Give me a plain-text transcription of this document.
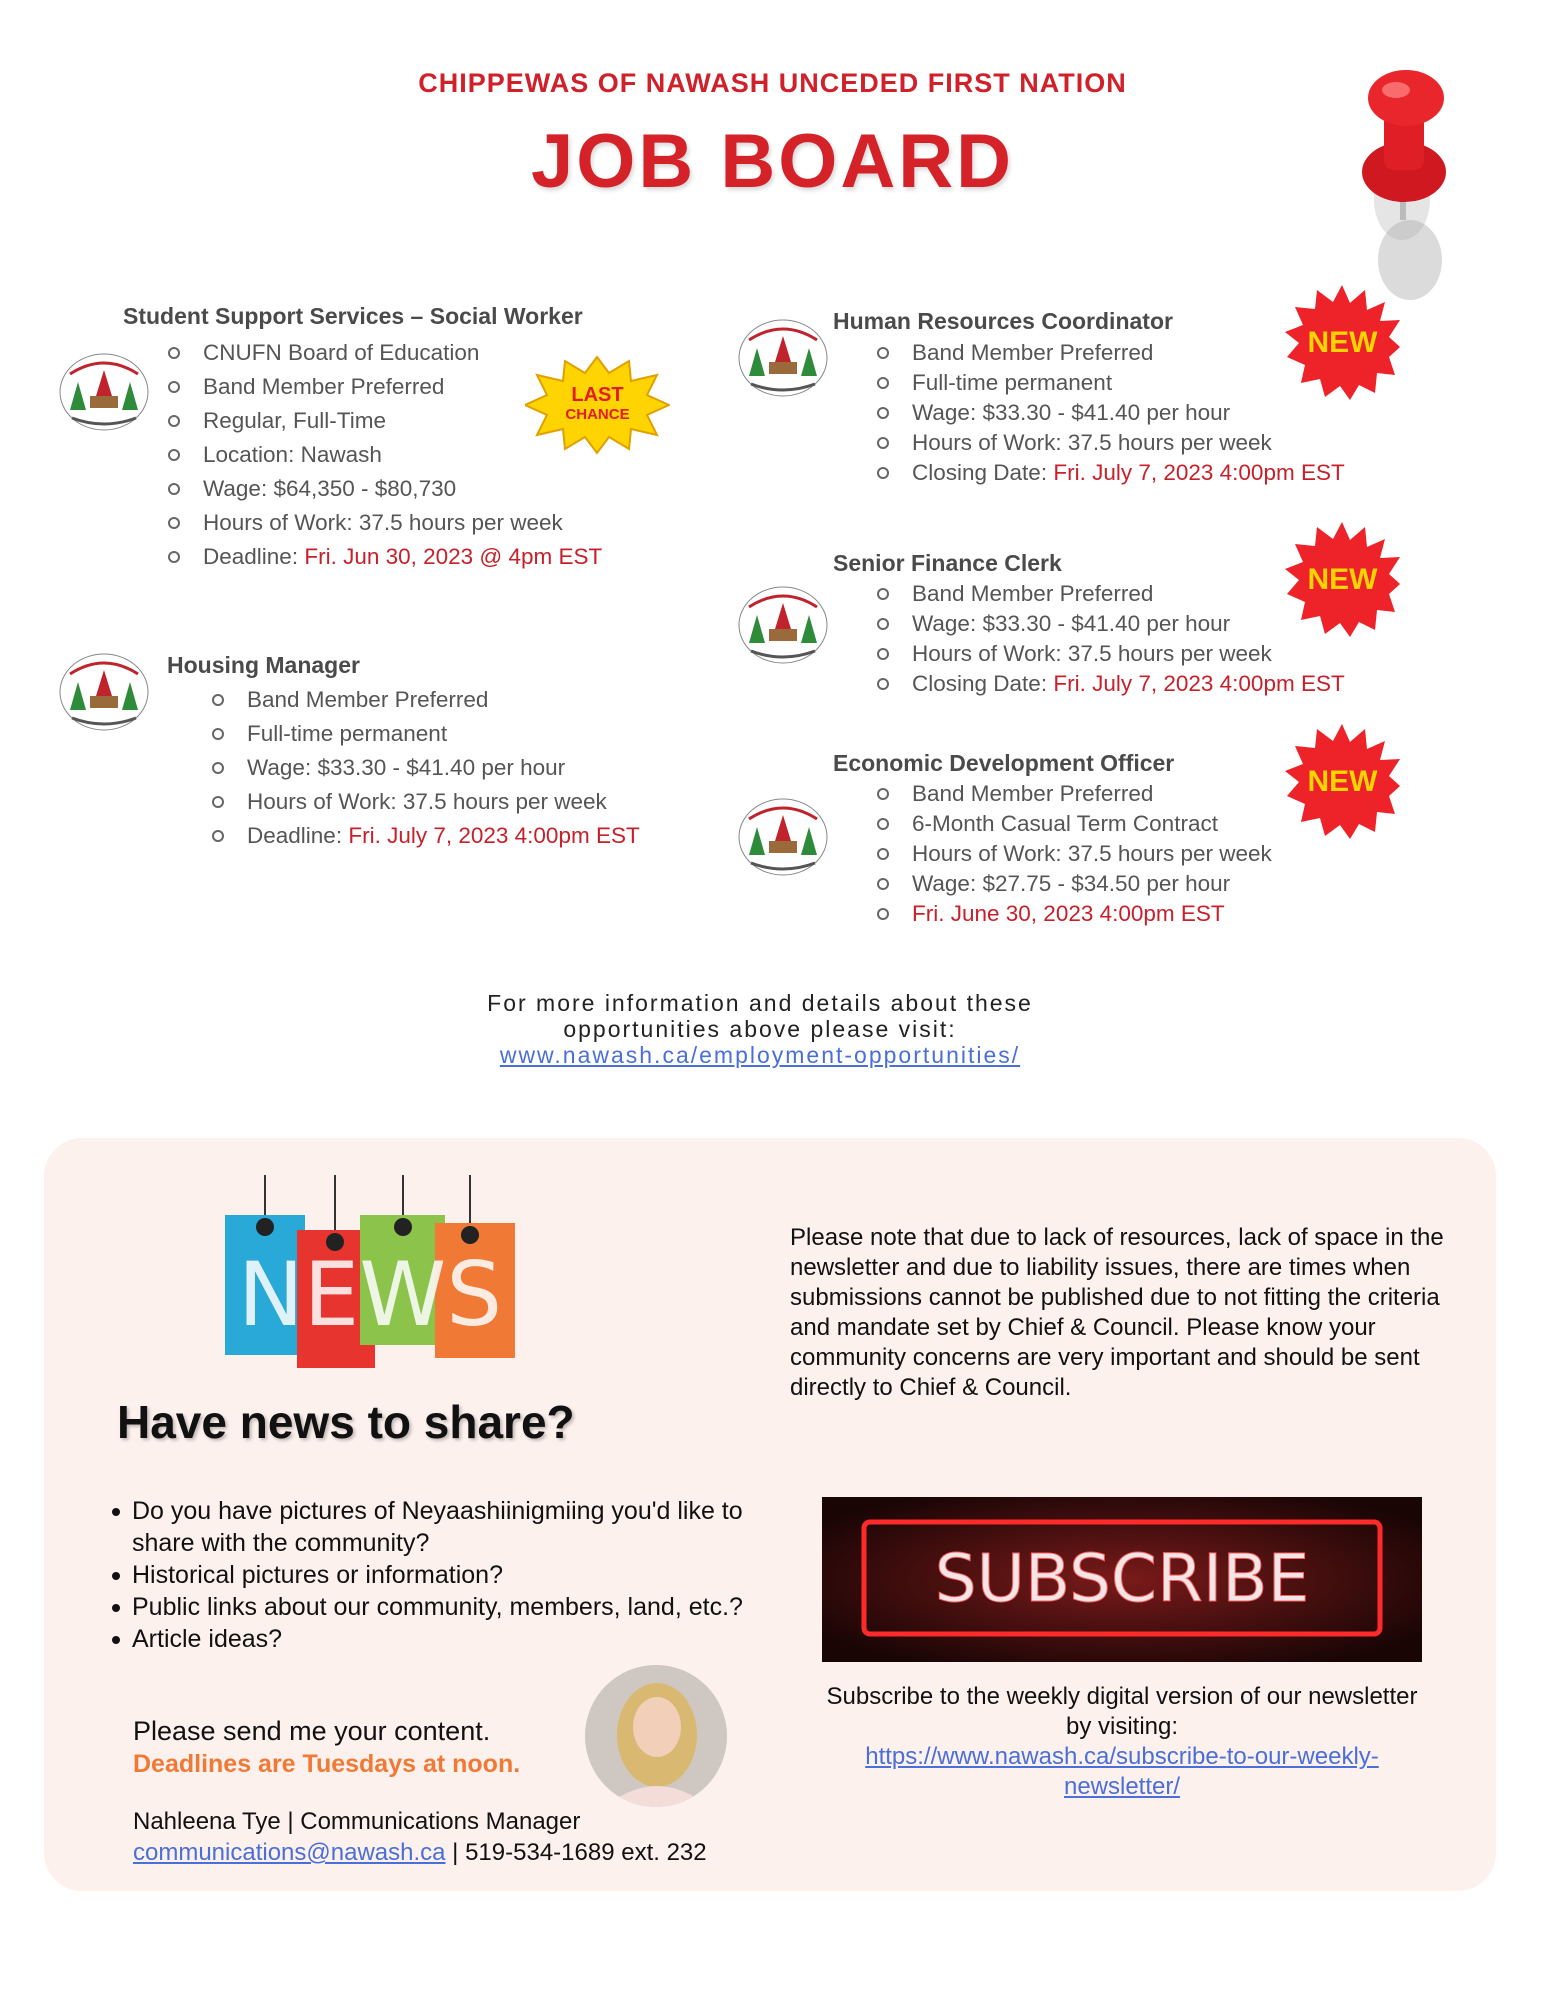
CHIPPEWAS OF NAWASH UNCEDED FIRST NATION
JOB BOARD
Student Support Services – Social Worker
CNUFN Board of Education
Band Member Preferred
Regular, Full-Time
Location: Nawash
Wage: $64,350 - $80,730
Hours of Work: 37.5 hours per week
Deadline: Fri. Jun 30, 2023 @ 4pm EST
LAST
CHANCE
Housing Manager
Band Member Preferred
Full-time permanent
Wage: $33.30 - $41.40 per hour
Hours of Work: 37.5 hours per week
Deadline: Fri. July 7, 2023 4:00pm EST
Human Resources Coordinator
Band Member Preferred
Full-time permanent
Wage: $33.30 - $41.40 per hour
Hours of Work: 37.5 hours per week
Closing Date: Fri. July 7, 2023 4:00pm EST
Senior Finance Clerk
Band Member Preferred
Wage: $33.30 - $41.40 per hour
Hours of Work: 37.5 hours per week
Closing Date: Fri. July 7, 2023 4:00pm EST
Economic Development Officer
Band Member Preferred
6-Month Casual Term Contract
Hours of Work: 37.5 hours per week
Wage: $27.75 - $34.50 per hour
Fri. June 30, 2023 4:00pm EST
NEW
NEW
NEW
For more information and details about these
opportunities above please visit:
www.nawash.ca/employment-opportunities/
NEWS
Have news to share?
Do you have pictures of Neyaashiinigmiing you'd like to share with the community?
Historical pictures or information?
Public links about our community, members, land, etc.?
Article ideas?
Please send me your content.
Deadlines are Tuesdays at noon.
Nahleena Tye | Communications Manager
communications@nawash.ca | 519-534-1689 ext. 232
Please note that due to lack of resources, lack of space in the newsletter and due to liability issues, there are times when submissions cannot be published due to not fitting the criteria and mandate set by Chief & Council. Please know your community concerns are very important and should be sent directly to Chief & Council.
SUBSCRIBE
Subscribe to the weekly digital version of our newsletter by visiting:
https://www.nawash.ca/subscribe-to-our-weekly-newsletter/
